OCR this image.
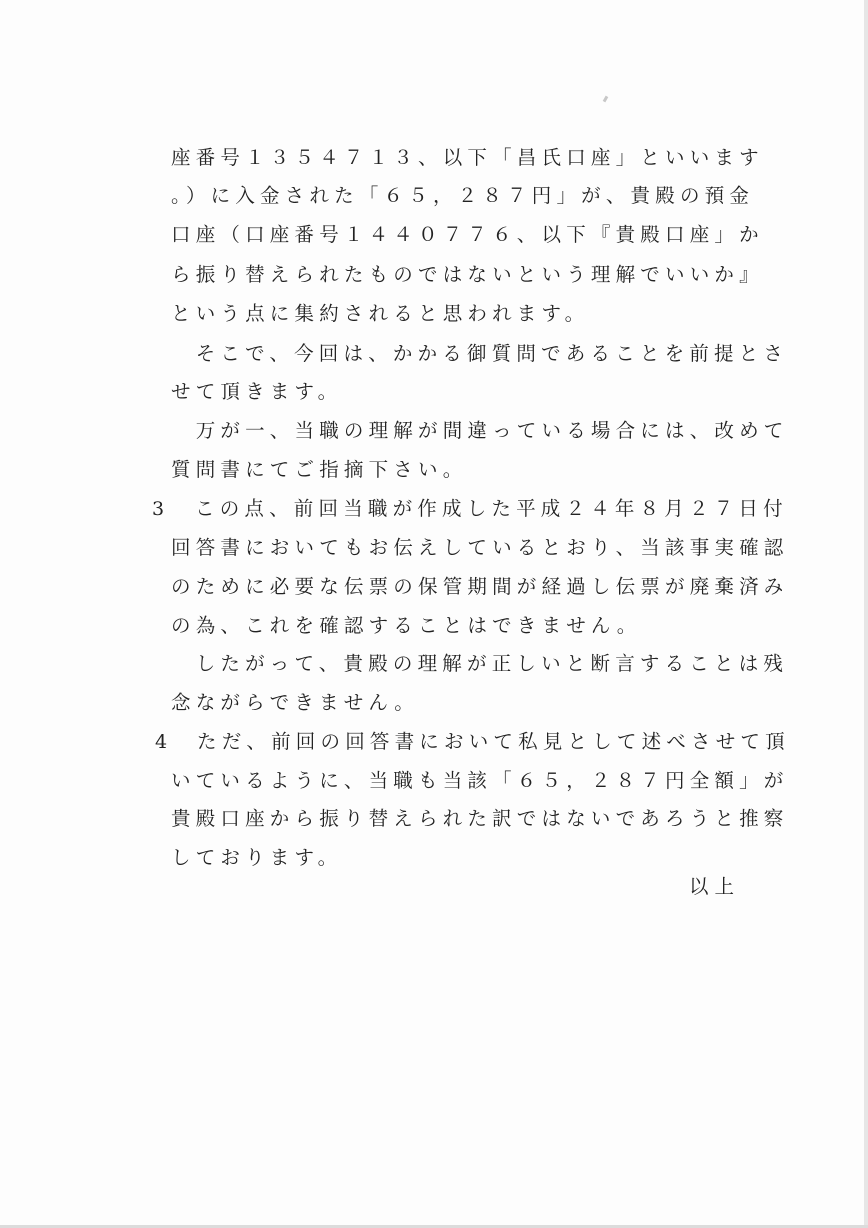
座番号１３５４７１３、以下「昌氏口座」といいます
。）に入金された「６５，２８７円」が、貴殿の預金
口座（口座番号１４４０７７６、以下『貴殿口座」か
ら振り替えられたものではないという理解でいいか』
という点に集約されると思われます。
　そこで、今回は、かかる御質問であることを前提とさ
せて頂きます。
　万が一、当職の理解が間違っている場合には、改めて
質問書にてご指摘下さい。
3 この点、前回当職が作成した平成２４年８月２７日付
回答書においてもお伝えしているとおり、当該事実確認
のために必要な伝票の保管期間が経過し伝票が廃棄済み
の為、これを確認することはできません。
　したがって、貴殿の理解が正しいと断言することは残
念ながらできません。
4 ただ、前回の回答書において私見として述べさせて頂
いているように、当職も当該「６５，２８７円全額」が
貴殿口座から振り替えられた訳ではないであろうと推察
しております。
以上
